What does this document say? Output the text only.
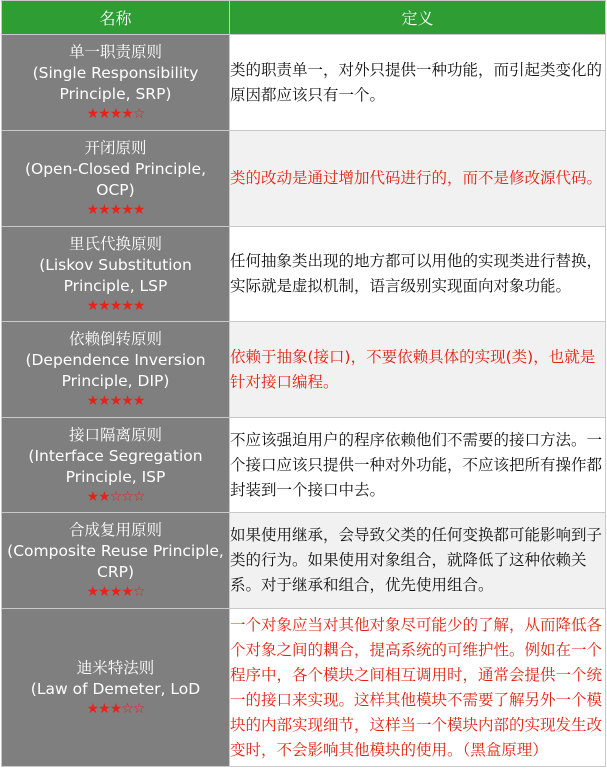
名称	定义

单一职责原则
(Single Responsibility Principle, SRP)
★★★★☆	类的职责单一，对外只提供一种功能，而引起类变化的原因都应该只有一个。

开闭原则
(Open-Closed Principle, OCP)
★★★★★	类的改动是通过增加代码进行的，而不是修改源代码。

里氏代换原则
(Liskov Substitution Principle, LSP
★★★★★	任何抽象类出现的地方都可以用他的实现类进行替换，实际就是虚拟机制，语言级别实现面向对象功能。

依赖倒转原则
(Dependence Inversion Principle, DIP)
★★★★★	依赖于抽象(接口)，不要依赖具体的实现(类)，也就是针对接口编程。

接口隔离原则
(Interface Segregation Principle, ISP
★★☆☆☆	不应该强迫用户的程序依赖他们不需要的接口方法。一个接口应该只提供一种对外功能，不应该把所有操作都封装到一个接口中去。

合成复用原则
(Composite Reuse Principle, CRP)
★★★★☆	如果使用继承，会导致父类的任何变换都可能影响到子类的行为。如果使用对象组合，就降低了这种依赖关系。对于继承和组合，优先使用组合。

迪米特法则
(Law of Demeter, LoD
★★★☆☆	一个对象应当对其他对象尽可能少的了解，从而降低各个对象之间的耦合，提高系统的可维护性。例如在一个程序中，各个模块之间相互调用时，通常会提供一个统一的接口来实现。这样其他模块不需要了解另外一个模块的内部实现细节，这样当一个模块内部的实现发生改变时，不会影响其他模块的使用。（黑盒原理）
